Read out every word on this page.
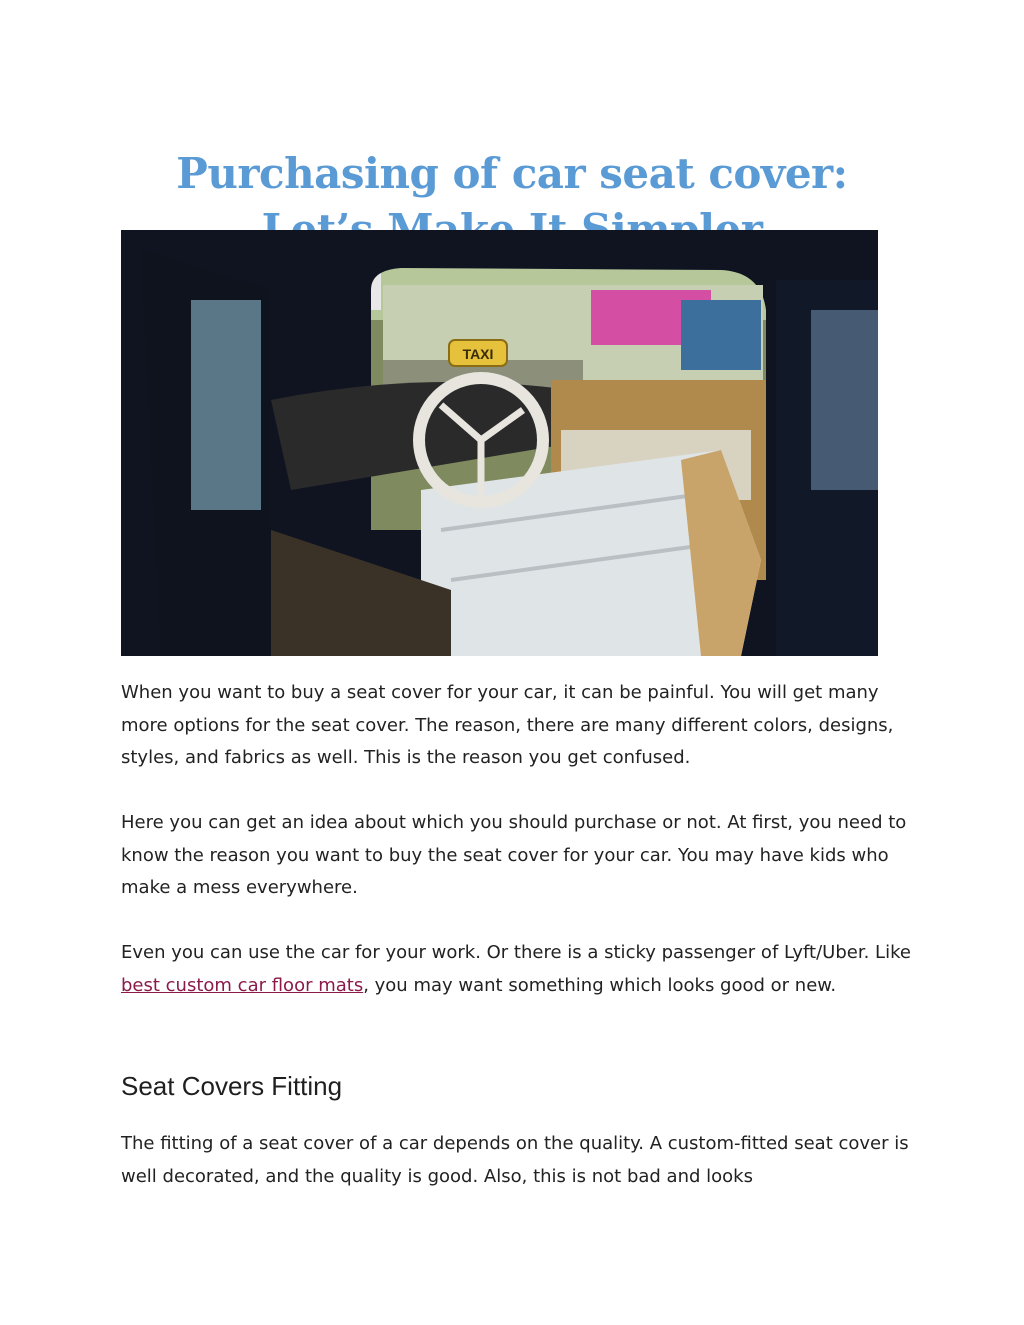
Purchasing of car seat cover:
TAXI

When you want to buy a seat cover for your car, it can be painful. You will get many more options for the seat cover. The reason, there are many different colors, designs, styles, and fabrics as well. This is the reason you get confused.

Here you can get an idea about which you should purchase or not. At first, you need to know the reason you want to buy the seat cover for your car. You may have kids who make a mess everywhere.

Even you can use the car for your work. Or there is a sticky passenger of Lyft/Uber. Like best custom car floor mats, you may want something which looks good or new.

Seat Covers Fitting

The fitting of a seat cover of a car depends on the quality. A custom-fitted seat cover is well decorated, and the quality is good. Also, this is not bad and looks
